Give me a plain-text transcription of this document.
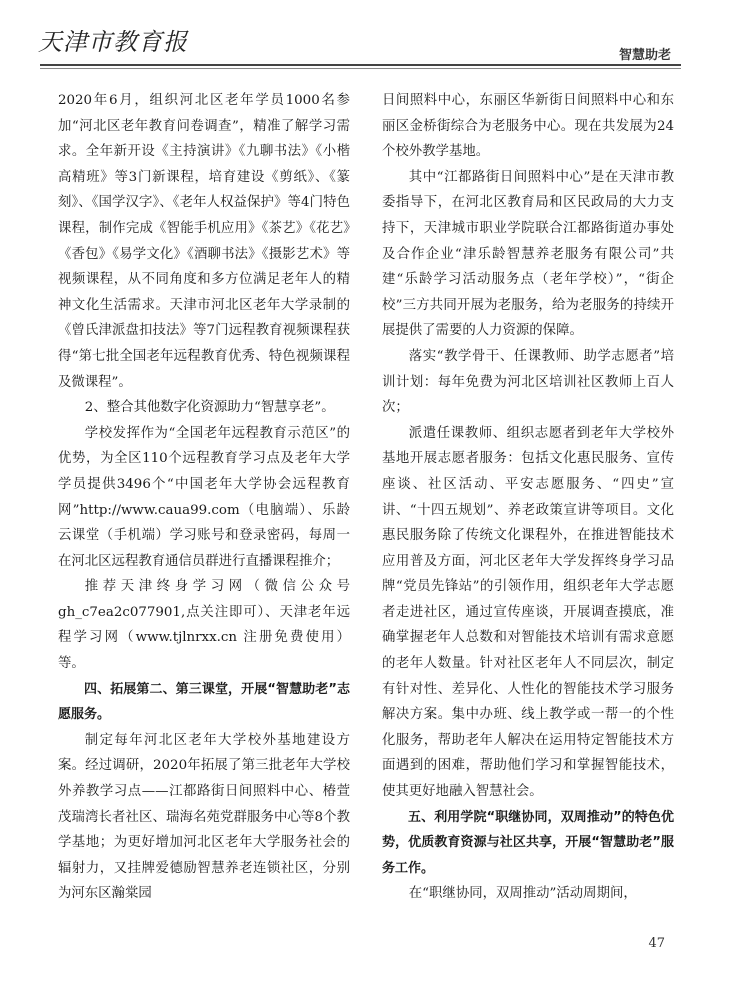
天津市教育报	智慧助老

2020年6月，组织河北区老年学员1000名参加“河北区老年教育问卷调查”，精准了解学习需求。全年新开设《主持演讲》《九聊书法》《小楷高精班》等3门新课程，培育建设《剪纸》、《篆刻》、《国学汉字》、《老年人权益保护》等4门特色课程，制作完成《智能手机应用》《茶艺》《花艺》《香包》《易学文化》《酒聊书法》《摄影艺术》等视频课程，从不同角度和多方位满足老年人的精神文化生活需求。天津市河北区老年大学录制的《曾氏津派盘扣技法》等7门远程教育视频课程获得“第七批全国老年远程教育优秀、特色视频课程及微课程”。

2、整合其他数字化资源助力“智慧享老”。

学校发挥作为“全国老年远程教育示范区”的优势，为全区110个远程教育学习点及老年大学学员提供3496个“中国老年大学协会远程教育网”http://www.caua99.com（电脑端）、乐龄云课堂（手机端）学习账号和登录密码，每周一在河北区远程教育通信员群进行直播课程推介；

推荐天津终身学习网（微信公众号gh_c7ea2c077901,点关注即可）、天津老年远程学习网（www.tjlnrxx.cn 注册免费使用）等。

四、拓展第二、第三课堂，开展“智慧助老”志愿服务。

制定每年河北区老年大学校外基地建设方案。经过调研，2020年拓展了第三批老年大学校外养教学习点——江都路街日间照料中心、椿萱茂瑞湾长者社区、瑞海名苑党群服务中心等8个教学基地；为更好增加河北区老年大学服务社会的辐射力，又挂牌爱德励智慧养老连锁社区，分别为河东区瀚棠园

日间照料中心，东丽区华新街日间照料中心和东丽区金桥街综合为老服务中心。现在共发展为24个校外教学基地。

其中“江都路街日间照料中心”是在天津市教委指导下，在河北区教育局和区民政局的大力支持下，天津城市职业学院联合江都路街道办事处及合作企业“津乐龄智慧养老服务有限公司”共建“乐龄学习活动服务点（老年学校）”，“街企校”三方共同开展为老服务，给为老服务的持续开展提供了需要的人力资源的保障。

落实“教学骨干、任课教师、助学志愿者”培训计划：每年免费为河北区培训社区教师上百人次；

派遣任课教师、组织志愿者到老年大学校外基地开展志愿者服务：包括文化惠民服务、宣传座谈、社区活动、平安志愿服务、“四史”宣讲、“十四五规划”、养老政策宣讲等项目。文化惠民服务除了传统文化课程外，在推进智能技术应用普及方面，河北区老年大学发挥终身学习品牌“党员先锋站”的引领作用，组织老年大学志愿者走进社区，通过宣传座谈，开展调查摸底，准确掌握老年人总数和对智能技术培训有需求意愿的老年人数量。针对社区老年人不同层次，制定有针对性、差异化、人性化的智能技术学习服务解决方案。集中办班、线上教学或一帮一的个性化服务，帮助老年人解决在运用特定智能技术方面遇到的困难，帮助他们学习和掌握智能技术，使其更好地融入智慧社会。

五、利用学院“职继协同，双周推动”的特色优势，优质教育资源与社区共享，开展“智慧助老”服务工作。

在“职继协同，双周推动”活动周期间，

47
